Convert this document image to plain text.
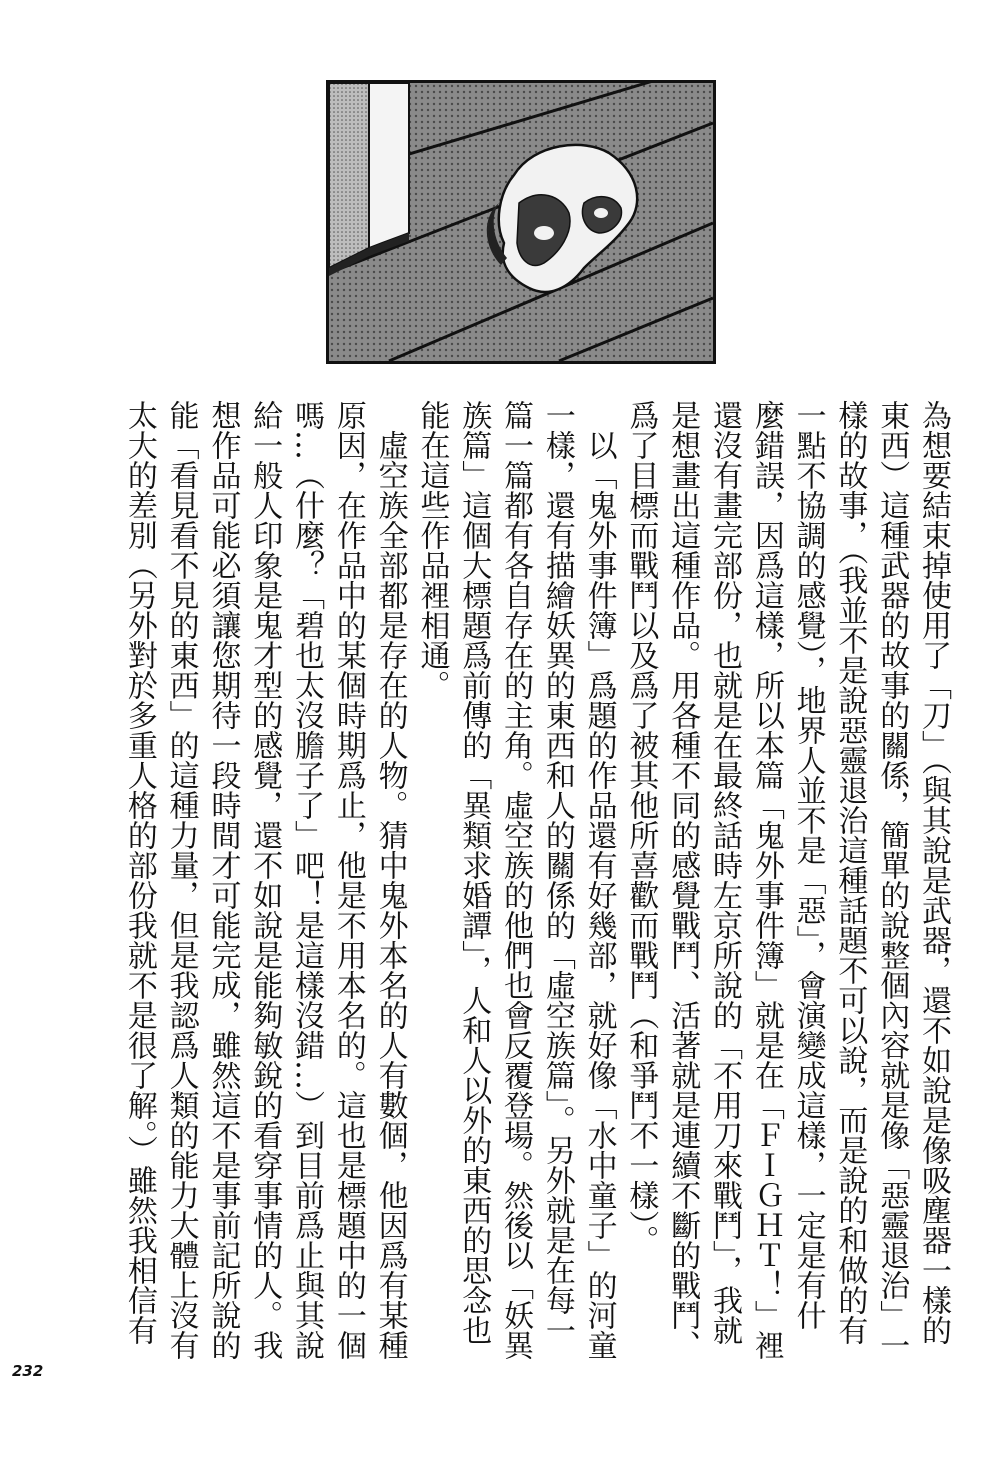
為想要結束掉使用了「刀」（與其說是武器，還不如說是像吸塵器一樣的
東西）這種武器的故事的關係，簡單的說整個內容就是像「惡靈退治」一
樣的故事，（我並不是說惡靈退治這種話題不可以說，而是說的和做的有
一點不協調的感覺），地界人並不是「惡」，會演變成這樣，一定是有什
麼錯誤，因爲這樣，所以本篇「鬼外事件簿」就是在「ＦＩＧＨＴ！」裡
還沒有畫完部份，也就是在最終話時左京所說的「不用刀來戰鬥」，我就
是想畫出這種作品。用各種不同的感覺戰鬥、活著就是連續不斷的戰鬥、
爲了目標而戰鬥以及爲了被其他所喜歡而戰鬥（和爭鬥不一樣）。
　以「鬼外事件簿」爲題的作品還有好幾部，就好像「水中童子」的河童
一樣，還有描繪妖異的東西和人的關係的「虛空族篇」。另外就是在每一
篇一篇都有各自存在的主角。虛空族的他們也會反覆登場。然後以「妖異
族篇」這個大標題爲前傳的「異類求婚譚」，人和人以外的東西的思念也
能在這些作品裡相通。
　虛空族全部都是存在的人物。猜中鬼外本名的人有數個，他因爲有某種
原因，在作品中的某個時期爲止，他是不用本名的。這也是標題中的一個
嗎…（什麼？「碧也太沒膽子了」吧！是這樣沒錯…）到目前爲止與其說
給一般人印象是鬼才型的感覺，還不如說是能夠敏銳的看穿事情的人。我
想作品可能必須讓您期待一段時間才可能完成，雖然這不是事前記所說的
能「看見看不見的東西」的這種力量，但是我認爲人類的能力大體上沒有
太大的差別（另外對於多重人格的部份我就不是很了解。）雖然我相信有
232
